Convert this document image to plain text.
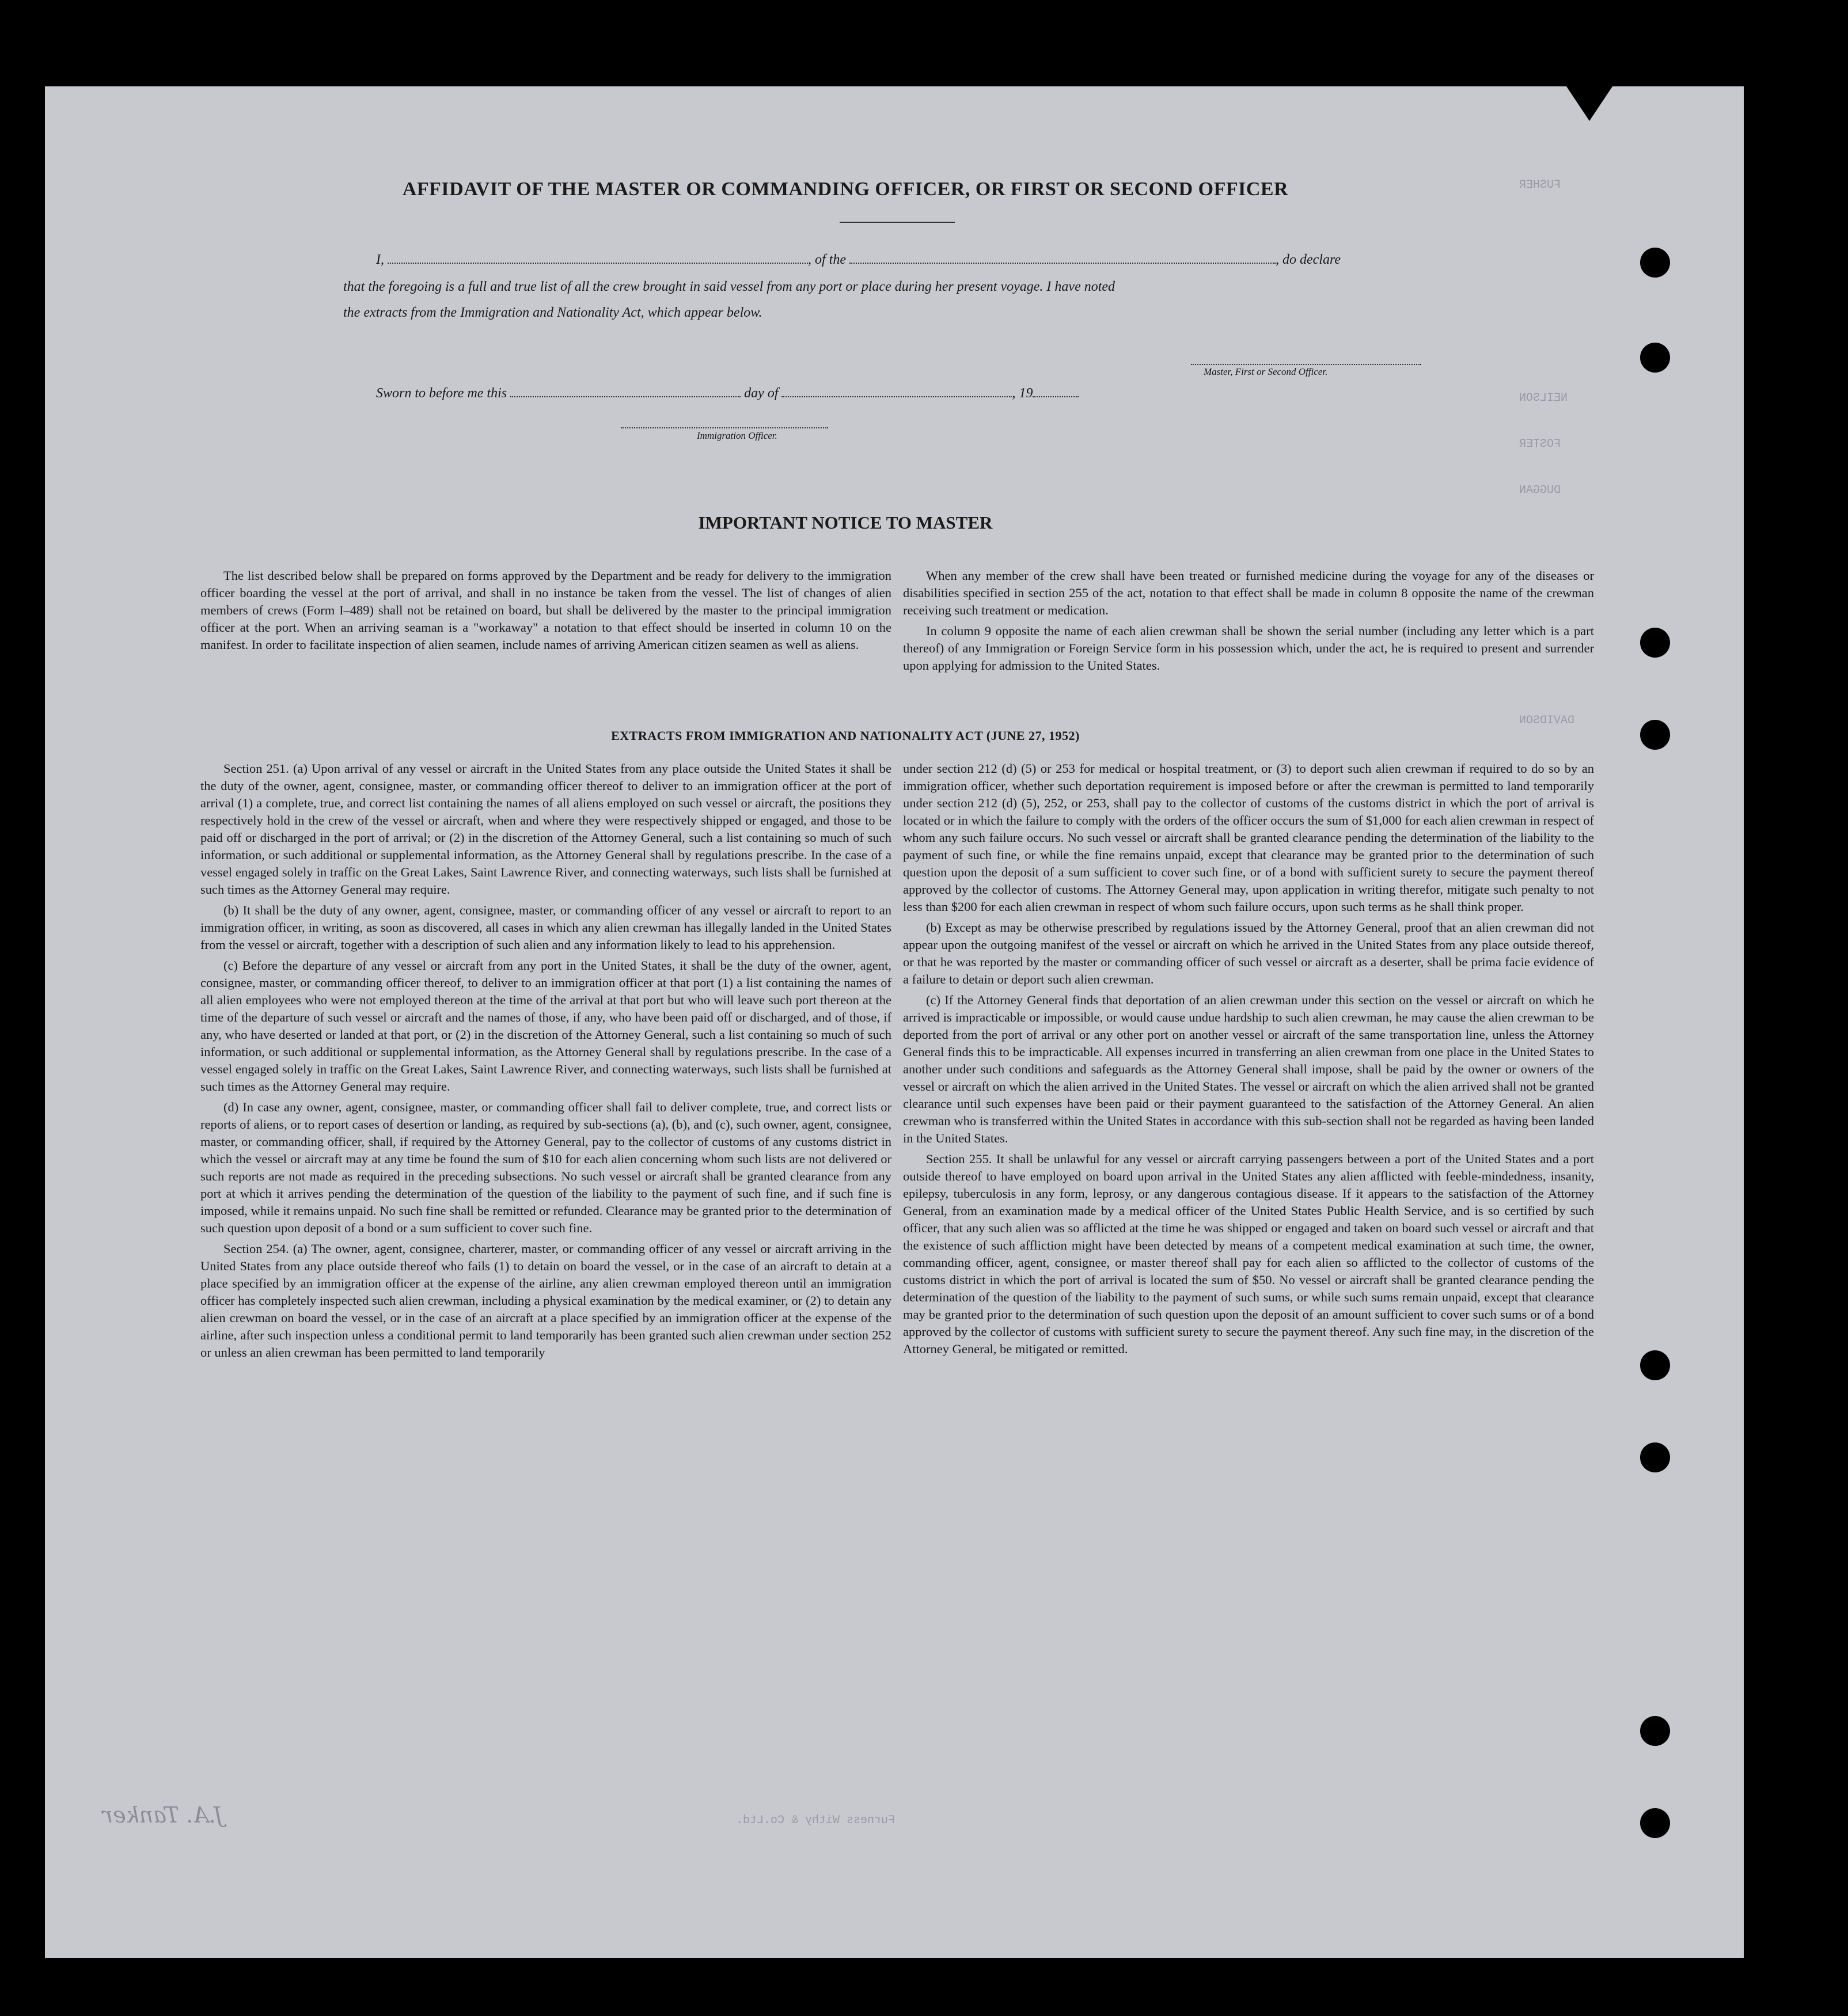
FUSHER
NEILSON
FOSTER
DUGGAN
DAVIDSON
AFFIDAVIT OF THE MASTER OR COMMANDING OFFICER, OR FIRST OR SECOND OFFICER
I,	, of the	, do declare
that the foregoing is a full and true list of all the crew brought in said vessel from any port or place during her present voyage. I have noted
the extracts from the Immigration and Nationality Act, which appear below.
Master, First or Second Officer.
Sworn to before me this	day of	, 19
Immigration Officer.
IMPORTANT NOTICE TO MASTER

The list described below shall be prepared on forms approved by the Department and be ready for delivery to the immigration officer boarding the vessel at the port of arrival, and shall in no instance be taken from the vessel. The list of changes of alien members of crews (Form I–489) shall not be retained on board, but shall be delivered by the master to the principal immigration officer at the port. When an arriving seaman is a "workaway" a notation to that effect should be inserted in column 10 on the manifest. In order to facilitate inspection of alien seamen, include names of arriving American citizen seamen as well as aliens.

When any member of the crew shall have been treated or furnished medicine during the voyage for any of the diseases or disabilities specified in section 255 of the act, notation to that effect shall be made in column 8 opposite the name of the crewman receiving such treatment or medication.

In column 9 opposite the name of each alien crewman shall be shown the serial number (including any letter which is a part thereof) of any Immigration or Foreign Service form in his possession which, under the act, he is required to present and surrender upon applying for admission to the United States.

EXTRACTS FROM IMMIGRATION AND NATIONALITY ACT (JUNE 27, 1952)

Section 251. (a) Upon arrival of any vessel or aircraft in the United States from any place outside the United States it shall be the duty of the owner, agent, consignee, master, or commanding officer thereof to deliver to an immigration officer at the port of arrival (1) a complete, true, and correct list containing the names of all aliens employed on such vessel or aircraft, the positions they respectively hold in the crew of the vessel or aircraft, when and where they were respectively shipped or engaged, and those to be paid off or discharged in the port of arrival; or (2) in the discretion of the Attorney General, such a list containing so much of such information, or such additional or supplemental information, as the Attorney General shall by regulations prescribe. In the case of a vessel engaged solely in traffic on the Great Lakes, Saint Lawrence River, and connecting waterways, such lists shall be furnished at such times as the Attorney General may require.

(b) It shall be the duty of any owner, agent, consignee, master, or commanding officer of any vessel or aircraft to report to an immigration officer, in writing, as soon as discovered, all cases in which any alien crewman has illegally landed in the United States from the vessel or aircraft, together with a description of such alien and any information likely to lead to his apprehension.

(c) Before the departure of any vessel or aircraft from any port in the United States, it shall be the duty of the owner, agent, consignee, master, or commanding officer thereof, to deliver to an immigration officer at that port (1) a list containing the names of all alien employees who were not employed thereon at the time of the arrival at that port but who will leave such port thereon at the time of the departure of such vessel or aircraft and the names of those, if any, who have been paid off or discharged, and of those, if any, who have deserted or landed at that port, or (2) in the discretion of the Attorney General, such a list containing so much of such information, or such additional or supplemental information, as the Attorney General shall by regulations prescribe. In the case of a vessel engaged solely in traffic on the Great Lakes, Saint Lawrence River, and connecting waterways, such lists shall be furnished at such times as the Attorney General may require.

(d) In case any owner, agent, consignee, master, or commanding officer shall fail to deliver complete, true, and correct lists or reports of aliens, or to report cases of desertion or landing, as required by sub-sections (a), (b), and (c), such owner, agent, consignee, master, or commanding officer, shall, if required by the Attorney General, pay to the collector of customs of any customs district in which the vessel or aircraft may at any time be found the sum of $10 for each alien concerning whom such lists are not delivered or such reports are not made as required in the preceding subsections. No such vessel or aircraft shall be granted clearance from any port at which it arrives pending the determination of the question of the liability to the payment of such fine, and if such fine is imposed, while it remains unpaid. No such fine shall be remitted or refunded. Clearance may be granted prior to the determination of such question upon deposit of a bond or a sum sufficient to cover such fine.

Section 254. (a) The owner, agent, consignee, charterer, master, or commanding officer of any vessel or aircraft arriving in the United States from any place outside thereof who fails (1) to detain on board the vessel, or in the case of an aircraft to detain at a place specified by an immigration officer at the expense of the airline, any alien crewman employed thereon until an immigration officer has completely inspected such alien crewman, including a physical examination by the medical examiner, or (2) to detain any alien crewman on board the vessel, or in the case of an aircraft at a place specified by an immigration officer at the expense of the airline, after such inspection unless a conditional permit to land temporarily has been granted such alien crewman under section 252 or unless an alien crewman has been permitted to land temporarily

under section 212 (d) (5) or 253 for medical or hospital treatment, or (3) to deport such alien crewman if required to do so by an immigration officer, whether such deportation requirement is imposed before or after the crewman is permitted to land temporarily under section 212 (d) (5), 252, or 253, shall pay to the collector of customs of the customs district in which the port of arrival is located or in which the failure to comply with the orders of the officer occurs the sum of $1,000 for each alien crewman in respect of whom any such failure occurs. No such vessel or aircraft shall be granted clearance pending the determination of the liability to the payment of such fine, or while the fine remains unpaid, except that clearance may be granted prior to the determination of such question upon the deposit of a sum sufficient to cover such fine, or of a bond with sufficient surety to secure the payment thereof approved by the collector of customs. The Attorney General may, upon application in writing therefor, mitigate such penalty to not less than $200 for each alien crewman in respect of whom such failure occurs, upon such terms as he shall think proper.

(b) Except as may be otherwise prescribed by regulations issued by the Attorney General, proof that an alien crewman did not appear upon the outgoing manifest of the vessel or aircraft on which he arrived in the United States from any place outside thereof, or that he was reported by the master or commanding officer of such vessel or aircraft as a deserter, shall be prima facie evidence of a failure to detain or deport such alien crewman.

(c) If the Attorney General finds that deportation of an alien crewman under this section on the vessel or aircraft on which he arrived is impracticable or impossible, or would cause undue hardship to such alien crewman, he may cause the alien crewman to be deported from the port of arrival or any other port on another vessel or aircraft of the same transportation line, unless the Attorney General finds this to be impracticable. All expenses incurred in transferring an alien crewman from one place in the United States to another under such conditions and safeguards as the Attorney General shall impose, shall be paid by the owner or owners of the vessel or aircraft on which the alien arrived in the United States. The vessel or aircraft on which the alien arrived shall not be granted clearance until such expenses have been paid or their payment guaranteed to the satisfaction of the Attorney General. An alien crewman who is transferred within the United States in accordance with this sub-section shall not be regarded as having been landed in the United States.

Section 255. It shall be unlawful for any vessel or aircraft carrying passengers between a port of the United States and a port outside thereof to have employed on board upon arrival in the United States any alien afflicted with feeble-mindedness, insanity, epilepsy, tuberculosis in any form, leprosy, or any dangerous contagious disease. If it appears to the satisfaction of the Attorney General, from an examination made by a medical officer of the United States Public Health Service, and is so certified by such officer, that any such alien was so afflicted at the time he was shipped or engaged and taken on board such vessel or aircraft and that the existence of such affliction might have been detected by means of a competent medical examination at such time, the owner, commanding officer, agent, consignee, or master thereof shall pay for each alien so afflicted to the collector of customs of the customs district in which the port of arrival is located the sum of $50. No vessel or aircraft shall be granted clearance pending the determination of the question of the liability to the payment of such sums, or while such sums remain unpaid, except that clearance may be granted prior to the determination of such question upon the deposit of an amount sufficient to cover such sums or of a bond approved by the collector of customs with sufficient surety to secure the payment thereof. Any such fine may, in the discretion of the Attorney General, be mitigated or remitted.

J.A. Tanker	Furness Withy & Co.Ltd.
